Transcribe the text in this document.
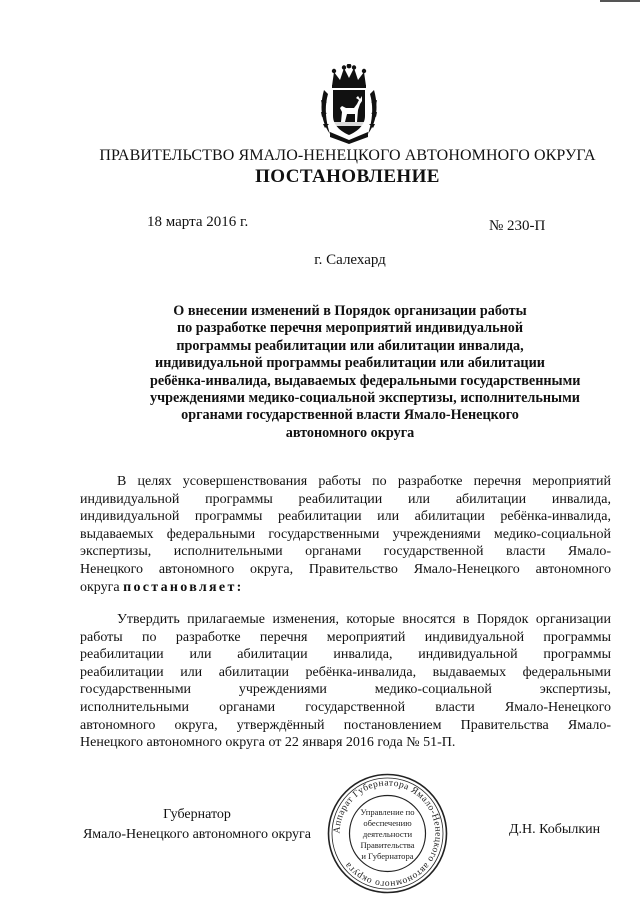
ПРАВИТЕЛЬСТВО ЯМАЛО-НЕНЕЦКОГО АВТОНОМНОГО ОКРУГА
ПОСТАНОВЛЕНИЕ
18 марта 2016 г.	№ 230-П
г. Салехард
О внесении изменений в Порядок организации работы
по разработке перечня мероприятий индивидуальной
программы реабилитации или абилитации инвалида,
индивидуальной программы реабилитации или абилитации
ребёнка-инвалида, выдаваемых федеральными государственными
учреждениями медико-социальной экспертизы, исполнительными
органами государственной власти Ямало-Ненецкого
автономного округа
В целях усовершенствования работы по разработке перечня мероприятий
индивидуальной программы реабилитации или абилитации инвалида,
индивидуальной программы реабилитации или абилитации ребёнка-инвалида,
выдаваемых федеральными государственными учреждениями медико-социальной
экспертизы, исполнительными органами государственной власти Ямало-
Ненецкого автономного округа, Правительство Ямало-Ненецкого автономного
округа постановляет:
Утвердить прилагаемые изменения, которые вносятся в Порядок организации
работы по разработке перечня мероприятий индивидуальной программы
реабилитации или абилитации инвалида, индивидуальной программы
реабилитации или абилитации ребёнка-инвалида, выдаваемых федеральными
государственными учреждениями медико-социальной экспертизы,
исполнительными органами государственной власти Ямало-Ненецкого
автономного округа, утверждённый постановлением Правительства Ямало-
Ненецкого автономного округа от 22 января 2016 года № 51-П.
Губернатор
Ямало-Ненецкого автономного округа	Аппарат Губернатора Ямало-Ненецкого автономного округа
Управление по
обеспечению
деятельности
Правительства
и Губернатора
Д.Н. Кобылкин
